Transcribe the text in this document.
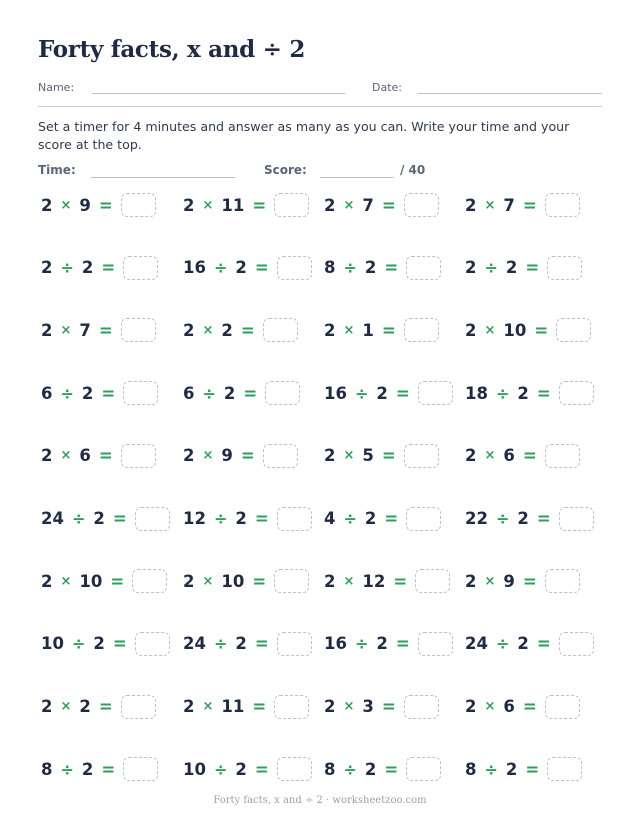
Forty facts, x and ÷ 2
Name:	Date:
Set a timer for 4 minutes and answer as many as you can. Write your time and your score at the top.
Time:	Score:	/ 40
2 × 9 =	2 × 11 =	2 × 7 =	2 × 7 =
2 ÷ 2 =	16 ÷ 2 =	8 ÷ 2 =	2 ÷ 2 =
2 × 7 =	2 × 2 =	2 × 1 =	2 × 10 =
6 ÷ 2 =	6 ÷ 2 =	16 ÷ 2 =	18 ÷ 2 =
2 × 6 =	2 × 9 =	2 × 5 =	2 × 6 =
24 ÷ 2 =	12 ÷ 2 =	4 ÷ 2 =	22 ÷ 2 =
2 × 10 =	2 × 10 =	2 × 12 =	2 × 9 =
10 ÷ 2 =	24 ÷ 2 =	16 ÷ 2 =	24 ÷ 2 =
2 × 2 =	2 × 11 =	2 × 3 =	2 × 6 =
8 ÷ 2 =	10 ÷ 2 =	8 ÷ 2 =	8 ÷ 2 =
Forty facts, x and ÷ 2 · worksheetzoo.com
